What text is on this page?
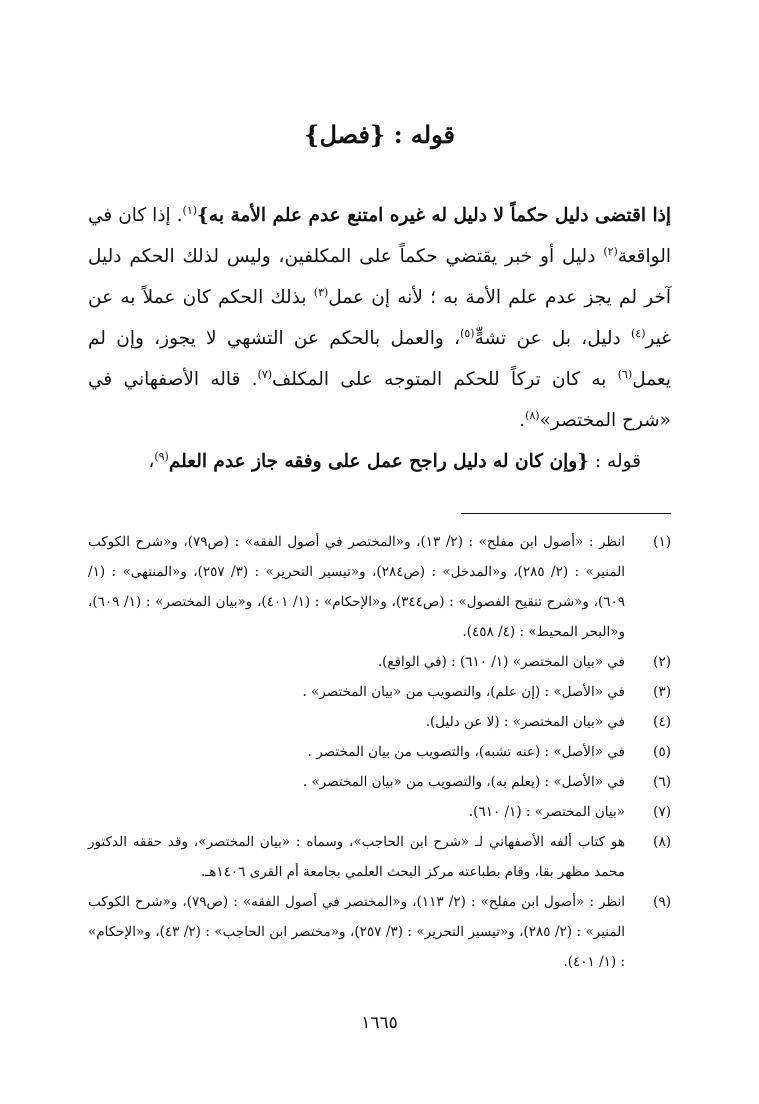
قوله : {فصل}

إذا اقتضى دليل حكماً لا دليل له غيره امتنع عدم علم الأمة به}$^{(١)}$. إذا كان في الواقعة$^{(٢)}$ دليل أو خبر يقتضي حكماً على المكلفين، وليس لذلك الحكم دليل آخر لم يجز عدم علم الأمة به ؛ لأنه إن عمل$^{(٣)}$ بذلك الحكم كان عملاً به عن غير$^{(٤)}$ دليل، بل عن تشهٍّ$^{(٥)}$، والعمل بالحكم عن التشهي لا يجوز، وإن لم يعمل$^{(٦)}$ به كان تركاً للحكم المتوجه على المكلف$^{(٧)}$. قاله الأصفهاني في «شرح المختصر»$^{(٨)}$.

قوله : {وإن كان له دليل راجح عمل على وفقه جاز عدم العلم$^{(٩)}$،

(١)
انظر : «أصول ابن مفلح» : (٢/ ١٣)، و«المختصر في أصول الفقه» : (ص٧٩)، و«شرح الكوكب المنير» : (٢/ ٢٨٥)، و«المدخل» : (ص٢٨٤)، و«تيسير التحرير» : (٣/ ٢٥٧)، و«المنتهى» : (١/ ٦٠٩)، و«شرح تنقيح الفصول» : (ص٣٤٤)، و«الإحكام» : (١/ ٤٠١)، و«بيان المختصر» : (١/ ٦٠٩)، و«البحر المحيط» : (٤/ ٤٥٨).
(٢)
في «بيان المختصر» (١/ ٦١٠) : (في الواقع).
(٣)
في «الأصل» : (إن علم)، والتصويب من «بيان المختصر» .
(٤)
في «بيان المختصر» : (لا عن دليل).
(٥)
في «الأصل» : (عنه تشبه)، والتصويب من بيان المختصر .
(٦)
في «الأصل» : (يعلم به)، والتصويب من «بيان المختصر» .
(٧)
«بيان المختصر» : (١/ ٦١٠).
(٨)
هو كتاب ألفه الأصفهاني لـ «شرح ابن الحاجب»، وسماه : «بيان المختصر»، وقد حققه الدكتور محمد مظهر بقا، وقام بطباعته مركز البحث العلمي بجامعة أم القرى ١٤٠٦هـ.
(٩)
انظر : «أصول ابن مفلح» : (٢/ ١١٣)، و«المختصر في أصول الفقه» : (ص٧٩)، و«شرح الكوكب المنير» : (٢/ ٢٨٥)، و«تيسير التحرير» : (٣/ ٢٥٧)، و«مختصر ابن الحاجب» : (٢/ ٤٣)، و«الإحكام» : (١/ ٤٠١).
١٦٦٥
